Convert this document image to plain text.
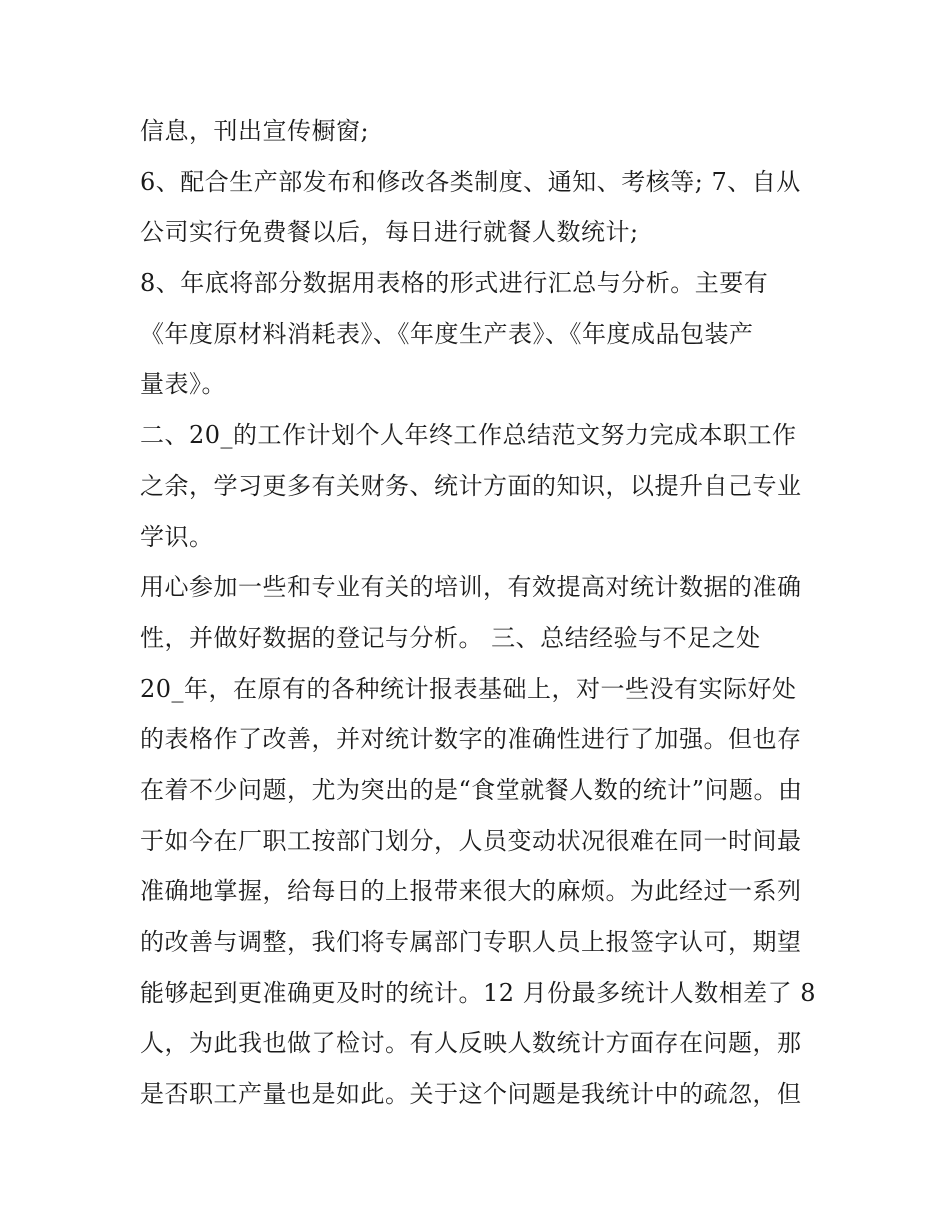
信息，刊出宣传橱窗;
6、配合生产部发布和修改各类制度、通知、考核等; 7、自从
公司实行免费餐以后，每日进行就餐人数统计;
8、年底将部分数据用表格的形式进行汇总与分析。主要有
《年度原材料消耗表》、《年度生产表》、《年度成品包装产
量表》。
二、20_的工作计划个人年终工作总结范文努力完成本职工作
之余，学习更多有关财务、统计方面的知识，以提升自己专业
学识。
用心参加一些和专业有关的培训，有效提高对统计数据的准确
性，并做好数据的登记与分析。 三、总结经验与不足之处
20_年，在原有的各种统计报表基础上，对一些没有实际好处
的表格作了改善，并对统计数字的准确性进行了加强。但也存
在着不少问题，尤为突出的是“食堂就餐人数的统计”问题。由
于如今在厂职工按部门划分，人员变动状况很难在同一时间最
准确地掌握，给每日的上报带来很大的麻烦。为此经过一系列
的改善与调整，我们将专属部门专职人员上报签字认可，期望
能够起到更准确更及时的统计。12 月份最多统计人数相差了 8
人，为此我也做了检讨。有人反映人数统计方面存在问题，那
是否职工产量也是如此。关于这个问题是我统计中的疏忽，但
